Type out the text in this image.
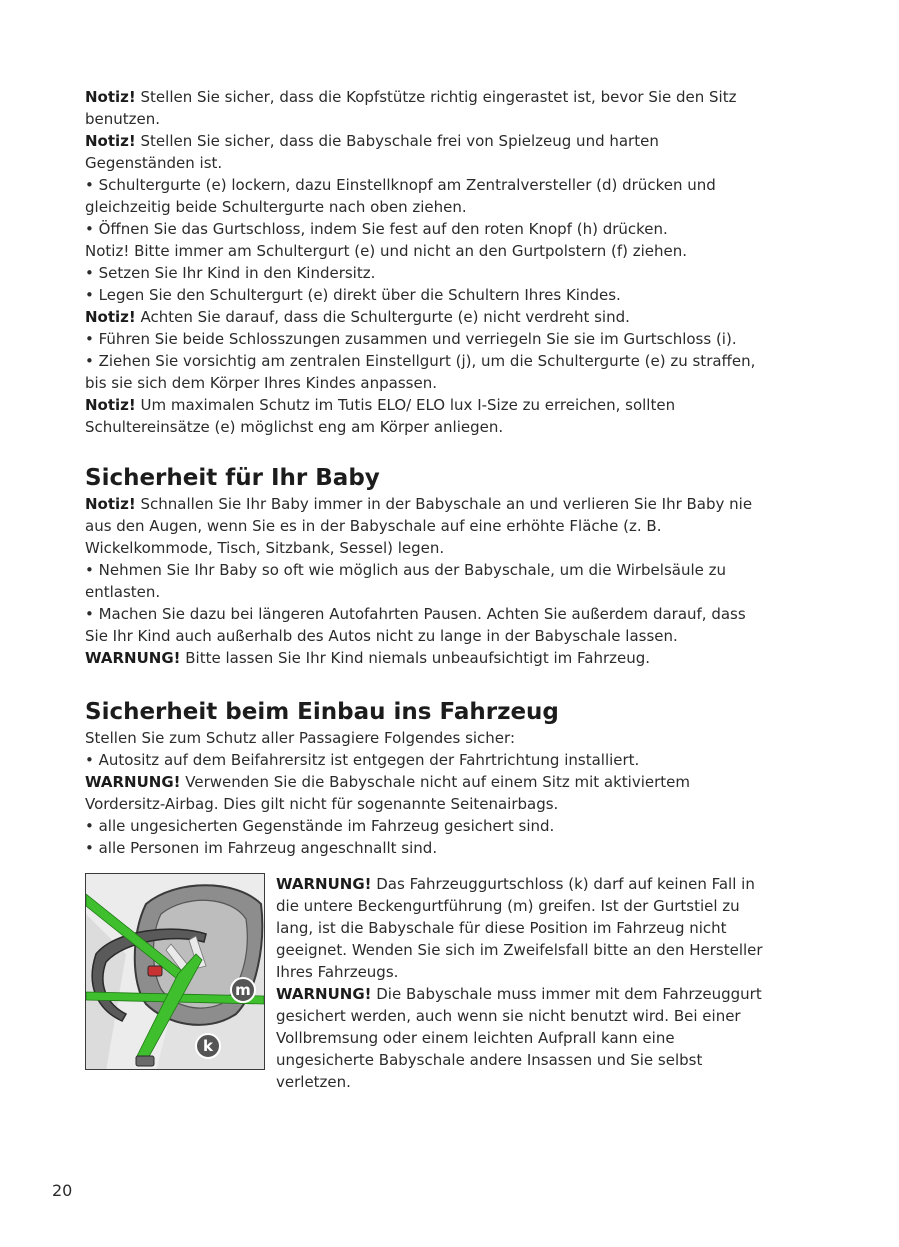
Notiz! Stellen Sie sicher, dass die Kopfstütze richtig eingerastet ist, bevor Sie den Sitz
benutzen.
Notiz! Stellen Sie sicher, dass die Babyschale frei von Spielzeug und harten
Gegenständen ist.
• Schultergurte (e) lockern, dazu Einstellknopf am Zentralversteller (d) drücken und
gleichzeitig beide Schultergurte nach oben ziehen.
• Öffnen Sie das Gurtschloss, indem Sie fest auf den roten Knopf (h) drücken.
Notiz! Bitte immer am Schultergurt (e) und nicht an den Gurtpolstern (f) ziehen.
• Setzen Sie Ihr Kind in den Kindersitz.
• Legen Sie den Schultergurt (e) direkt über die Schultern Ihres Kindes.
Notiz! Achten Sie darauf, dass die Schultergurte (e) nicht verdreht sind.
• Führen Sie beide Schlosszungen zusammen und verriegeln Sie sie im Gurtschloss (i).
• Ziehen Sie vorsichtig am zentralen Einstellgurt (j), um die Schultergurte (e) zu straffen,
bis sie sich dem Körper Ihres Kindes anpassen.
Notiz! Um maximalen Schutz im Tutis ELO/ ELO lux I-Size zu erreichen, sollten
Schultereinsätze (e) möglichst eng am Körper anliegen.
Sicherheit für Ihr Baby
Notiz! Schnallen Sie Ihr Baby immer in der Babyschale an und verlieren Sie Ihr Baby nie
aus den Augen, wenn Sie es in der Babyschale auf eine erhöhte Fläche (z. B.
Wickelkommode, Tisch, Sitzbank, Sessel) legen.
• Nehmen Sie Ihr Baby so oft wie möglich aus der Babyschale, um die Wirbelsäule zu
entlasten.
• Machen Sie dazu bei längeren Autofahrten Pausen. Achten Sie außerdem darauf, dass
Sie Ihr Kind auch außerhalb des Autos nicht zu lange in der Babyschale lassen.
WARNUNG! Bitte lassen Sie Ihr Kind niemals unbeaufsichtigt im Fahrzeug.
Sicherheit beim Einbau ins Fahrzeug
Stellen Sie zum Schutz aller Passagiere Folgendes sicher:
• Autositz auf dem Beifahrersitz ist entgegen der Fahrtrichtung installiert.
WARNUNG! Verwenden Sie die Babyschale nicht auf einem Sitz mit aktiviertem
Vordersitz-Airbag. Dies gilt nicht für sogenannte Seitenairbags.
• alle ungesicherten Gegenstände im Fahrzeug gesichert sind.
• alle Personen im Fahrzeug angeschnallt sind.
m
k
WARNUNG! Das Fahrzeuggurtschloss (k) darf auf keinen Fall in
die untere Beckengurtführung (m) greifen. Ist der Gurtstiel zu
lang, ist die Babyschale für diese Position im Fahrzeug nicht
geeignet. Wenden Sie sich im Zweifelsfall bitte an den Hersteller
Ihres Fahrzeugs.
WARNUNG! Die Babyschale muss immer mit dem Fahrzeuggurt
gesichert werden, auch wenn sie nicht benutzt wird. Bei einer
Vollbremsung oder einem leichten Aufprall kann eine
ungesicherte Babyschale andere Insassen und Sie selbst
verletzen.
20
